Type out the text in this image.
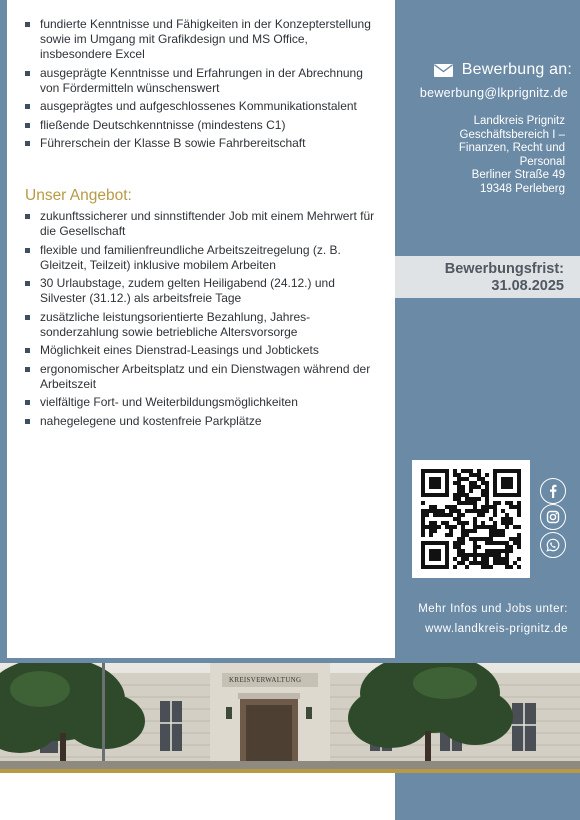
fundierte Kenntnisse und Fähigkeiten in der Konzepterstellung sowie im Umgang mit Grafikdesign und MS Office, insbesondere Excel
ausgeprägte Kenntnisse und Erfahrungen in der Abrechnung von Fördermitteln wünschenswert
ausgeprägtes und aufgeschlossenes Kommunikationstalent
fließende Deutschkenntnisse (mindestens C1)
Führerschein der Klasse B sowie Fahrbereitschaft
Unser Angebot:
zukunftssicherer und sinnstiftender Job mit einem Mehrwert für die Gesellschaft
flexible und familienfreundliche Arbeitszeitregelung (z. B. Gleitzeit, Teilzeit) inklusive mobilem Arbeiten
30 Urlaubstage, zudem gelten Heiligabend (24.12.) und Silvester (31.12.) als arbeitsfreie Tage
zusätzliche leistungsorientierte Bezahlung, Jahres-sonderzahlung sowie betriebliche Altersvorsorge
Möglichkeit eines Dienstrad-Leasings und Jobtickets
ergonomischer Arbeitsplatz und ein Dienstwagen während der Arbeitszeit
vielfältige Fort- und Weiterbildungsmöglichkeiten
nahegelegene und kostenfreie Parkplätze
Bewerbung an:
bewerbung@lkprignitz.de
Landkreis Prignitz
Geschäftsbereich I –
Finanzen, Recht und
Personal
Berliner Straße 49
19348 Perleberg
Bewerbungsfrist:
31.08.2025
Mehr Infos und Jobs unter:
www.landkreis-prignitz.de
KREISVERWALTUNG
